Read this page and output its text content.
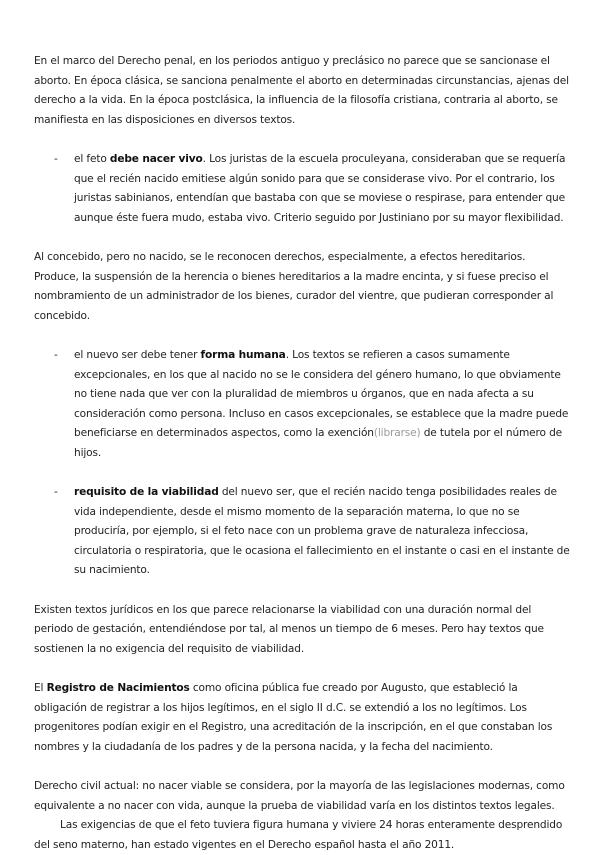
En el marco del Derecho penal, en los periodos antiguo y preclásico no parece que se sancionase el aborto. En época clásica, se sanciona penalmente el aborto en determinadas circunstancias, ajenas del derecho a la vida. En la época postclásica, la influencia de la filosofía cristiana, contraria al aborto, se manifiesta en las disposiciones en diversos textos.

-	el feto debe nacer vivo. Los juristas de la escuela proculeyana, consideraban que se requería que el recién nacido emitiese algún sonido para que se considerase vivo. Por el contrario, los juristas sabinianos, entendían que bastaba con que se moviese o respirase, para entender que aunque éste fuera mudo, estaba vivo. Criterio seguido por Justiniano por su mayor flexibilidad.

Al concebido, pero no nacido, se le reconocen derechos, especialmente, a efectos hereditarios. Produce, la suspensión de la herencia o bienes hereditarios a la madre encinta, y si fuese preciso el nombramiento de un administrador de los bienes, curador del vientre, que pudieran corresponder al concebido.

-	el nuevo ser debe tener forma humana. Los textos se refieren a casos sumamente excepcionales, en los que al nacido no se le considera del género humano, lo que obviamente no tiene nada que ver con la pluralidad de miembros u órganos, que en nada afecta a su consideración como persona. Incluso en casos excepcionales, se establece que la madre puede beneficiarse en determinados aspectos, como la exención(librarse) de tutela por el número de hijos.

-	requisito de la viabilidad del nuevo ser, que el recién nacido tenga posibilidades reales de vida independiente, desde el mismo momento de la separación materna, lo que no se produciría, por ejemplo, si el feto nace con un problema grave de naturaleza infecciosa, circulatoria o respiratoria, que le ocasiona el fallecimiento en el instante o casi en el instante de su nacimiento.

Existen textos jurídicos en los que parece relacionarse la viabilidad con una duración normal del periodo de gestación, entendiéndose por tal, al menos un tiempo de 6 meses. Pero hay textos que sostienen la no exigencia del requisito de viabilidad.

El Registro de Nacimientos como oficina pública fue creado por Augusto, que estableció la obligación de registrar a los hijos legítimos, en el siglo II d.C. se extendió a los no legítimos. Los progenitores podían exigir en el Registro, una acreditación de la inscripción, en el que constaban los nombres y la ciudadanía de los padres y de la persona nacida, y la fecha del nacimiento.

Derecho civil actual: no nacer viable se considera, por la mayoría de las legislaciones modernas, como equivalente a no nacer con vida, aunque la prueba de viabilidad varía en los distintos textos legales.

Las exigencias de que el feto tuviera figura humana y viviere 24 horas enteramente desprendido del seno materno, han estado vigentes en el Derecho español hasta el año 2011.
